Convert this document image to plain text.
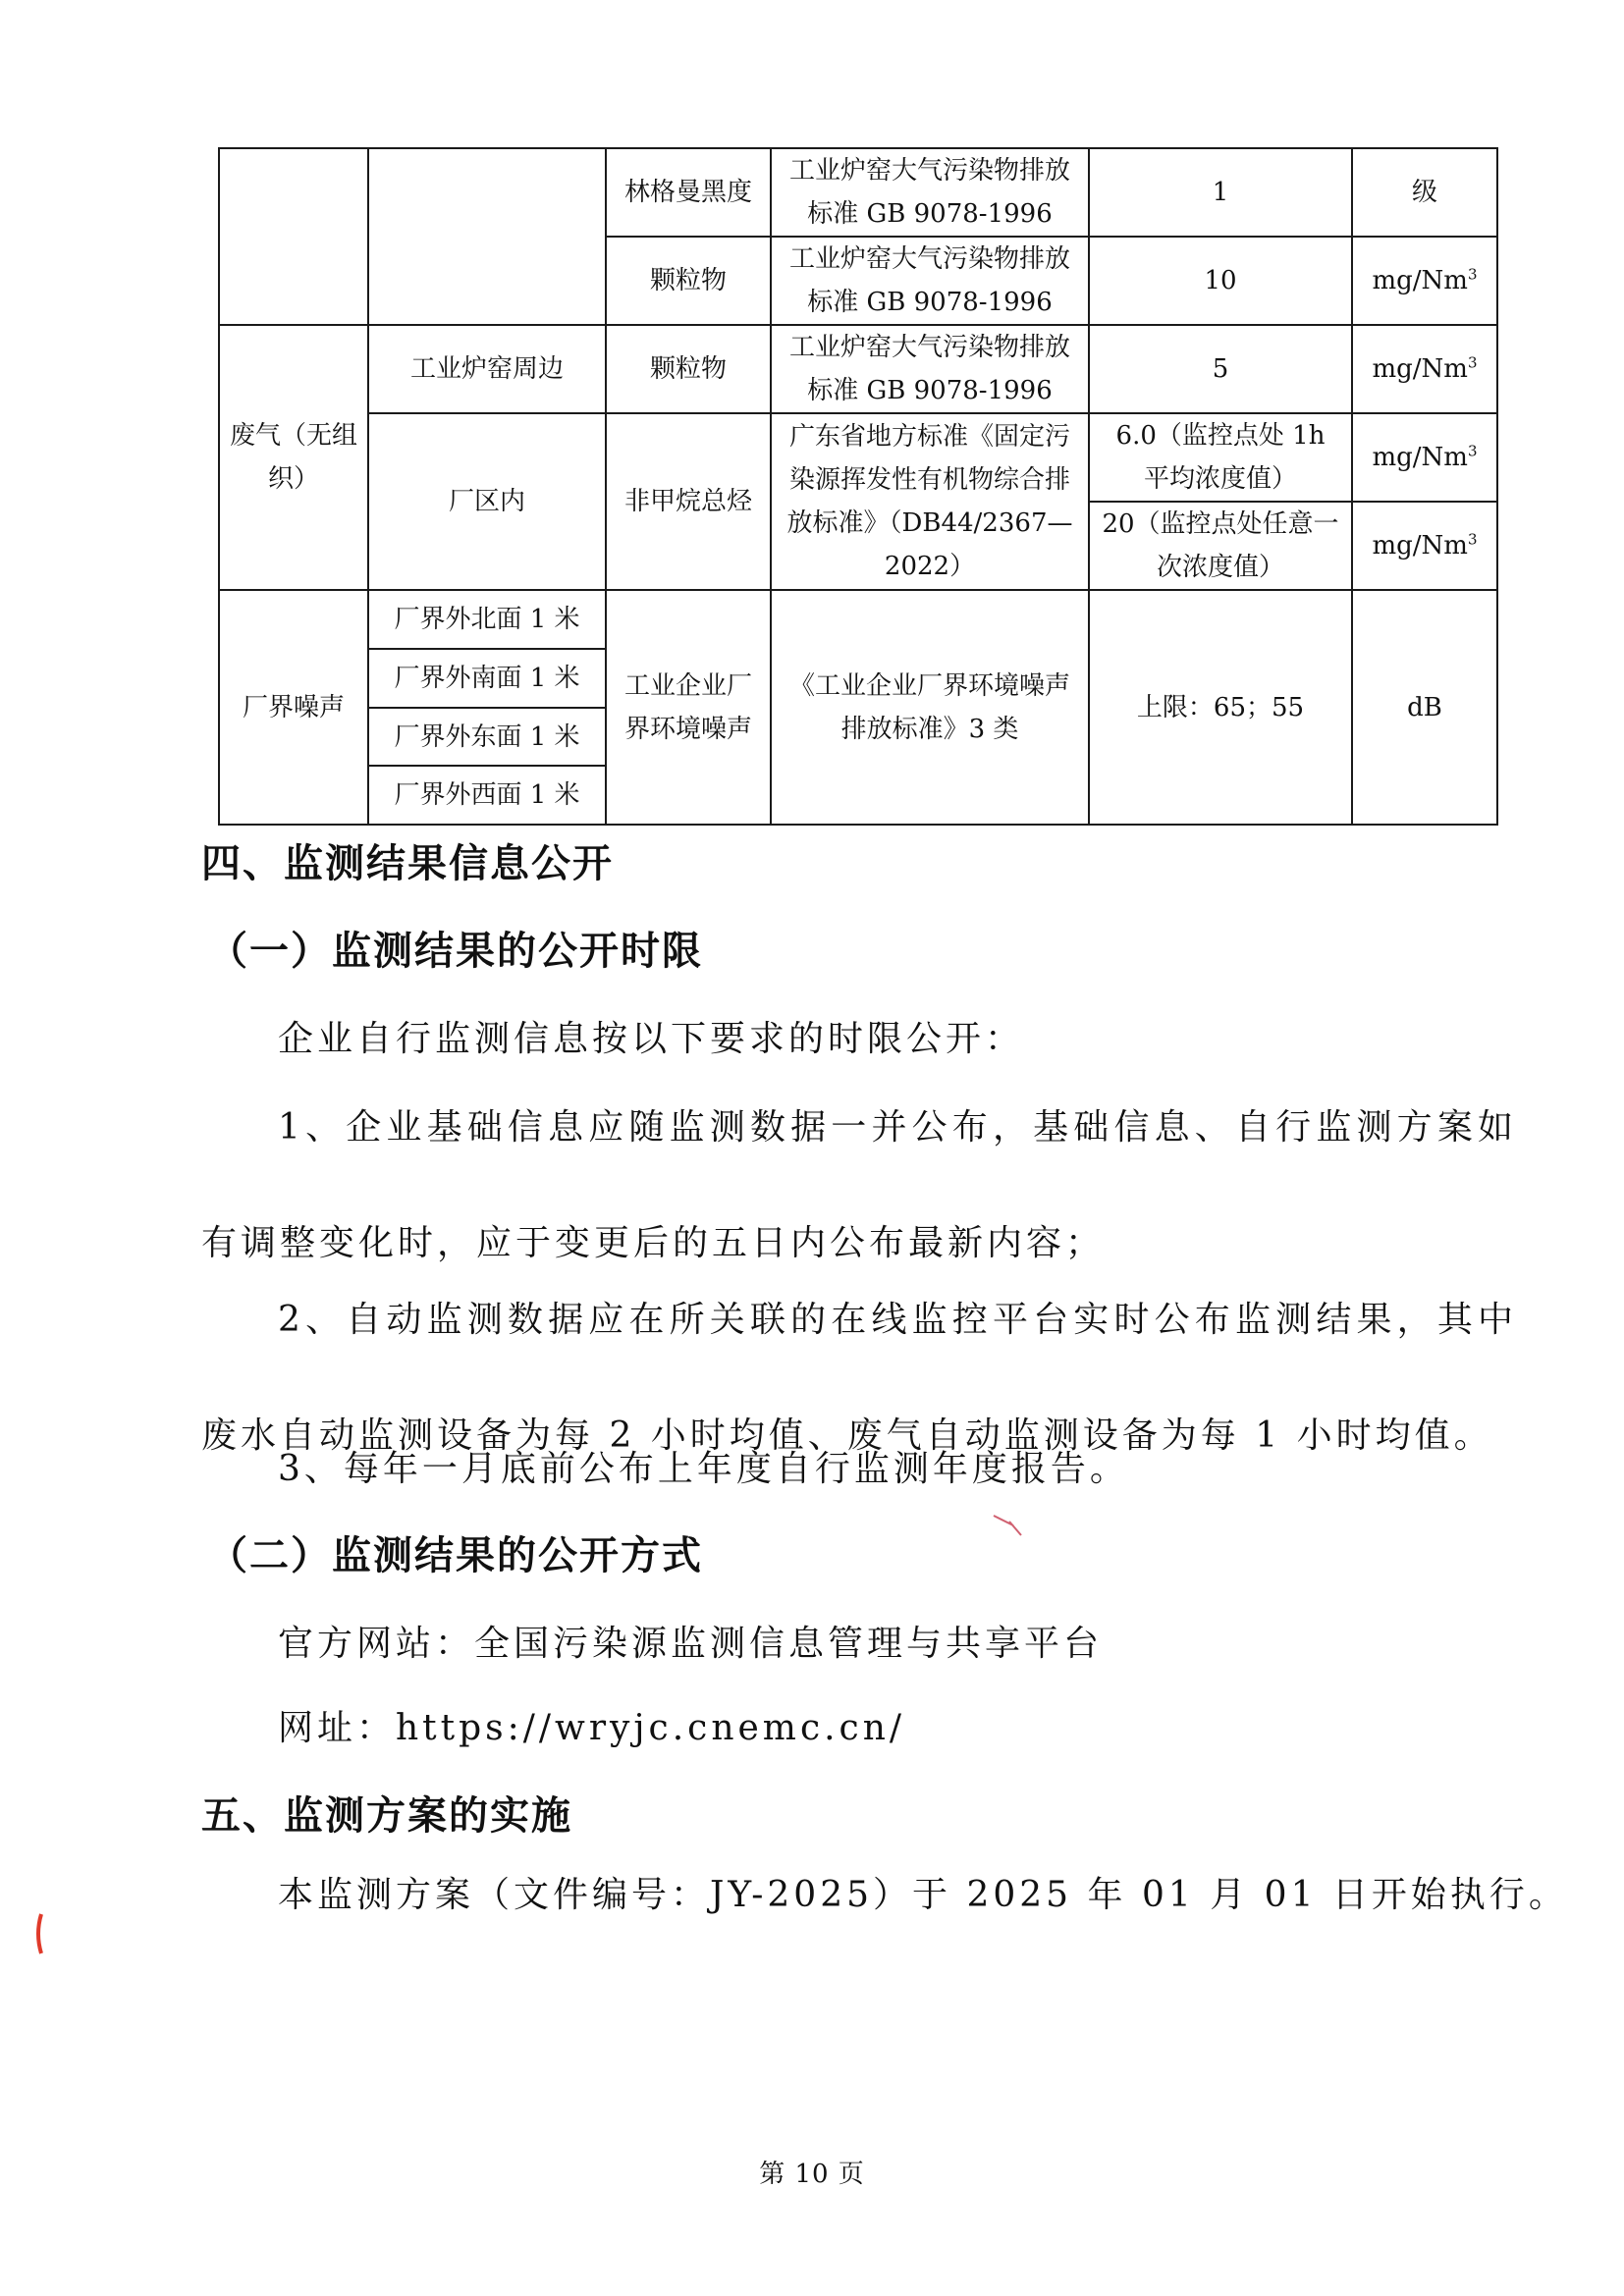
		林格曼黑度	工业炉窑大气污染物排放标准 GB 9078-1996	1	级
		颗粒物	工业炉窑大气污染物排放标准 GB 9078-1996	10	mg/Nm$^3$
废气（无组织）	工业炉窑周边	颗粒物	工业炉窑大气污染物排放标准 GB 9078-1996	5	mg/Nm$^3$
	厂区内	非甲烷总烃	广东省地方标准《固定污染源挥发性有机物综合排放标准》（DB44/2367—2022）	6.0（监控点处 1h 平均浓度值）	mg/Nm$^3$
				20（监控点处任意一次浓度值）	mg/Nm$^3$
厂界噪声	厂界外北面 1 米	工业企业厂界环境噪声	《工业企业厂界环境噪声排放标准》3 类	上限：65；55	dB
	厂界外南面 1 米				
	厂界外东面 1 米				
	厂界外西面 1 米				
四、监测结果信息公开
（一）监测结果的公开时限
企业自行监测信息按以下要求的时限公开：
1、企业基础信息应随监测数据一并公布，基础信息、自行监测方案如有调整变化时，应于变更后的五日内公布最新内容；
2、自动监测数据应在所关联的在线监控平台实时公布监测结果，其中废水自动监测设备为每 2 小时均值、废气自动监测设备为每 1 小时均值。
3、每年一月底前公布上年度自行监测年度报告。
（二）监测结果的公开方式
官方网站：全国污染源监测信息管理与共享平台
网址：https://wryjc.cnemc.cn/
五、监测方案的实施
本监测方案（文件编号：JY-2025）于 2025 年 01 月 01 日开始执行。
第 10 页
